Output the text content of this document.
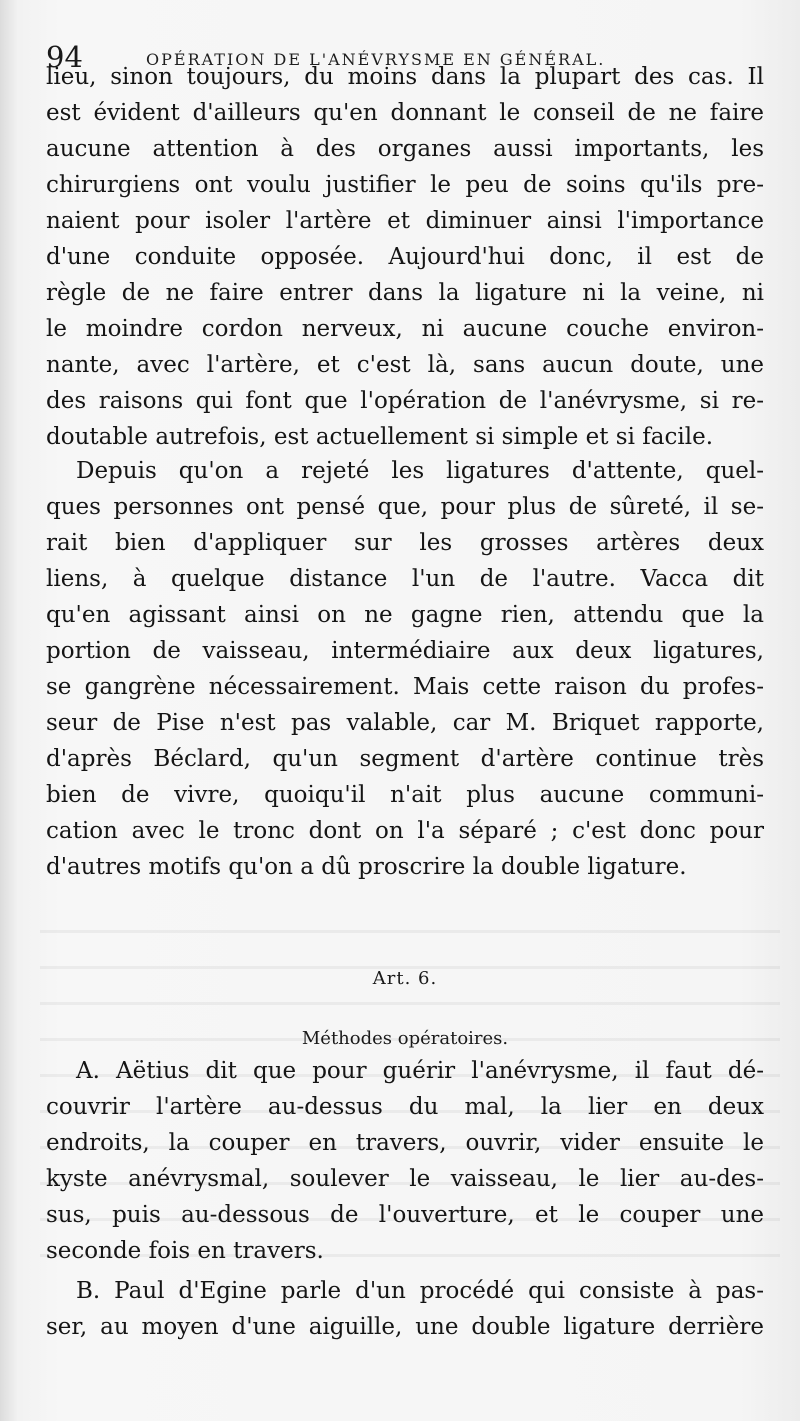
94	OPÉRATION DE L'ANÉVRYSME EN GÉNÉRAL.
lieu, sinon toujours, du moins dans la plupart des cas. Il
est évident d'ailleurs qu'en donnant le conseil de ne faire
aucune attention à des organes aussi importants, les
chirurgiens ont voulu justifier le peu de soins qu'ils pre-
naient pour isoler l'artère et diminuer ainsi l'importance
d'une conduite opposée. Aujourd'hui donc, il est de
règle de ne faire entrer dans la ligature ni la veine, ni
le moindre cordon nerveux, ni aucune couche environ-
nante, avec l'artère, et c'est là, sans aucun doute, une
des raisons qui font que l'opération de l'anévrysme, si re-
doutable autrefois, est actuellement si simple et si facile.
Depuis qu'on a rejeté les ligatures d'attente, quel-
ques personnes ont pensé que, pour plus de sûreté, il se-
rait bien d'appliquer sur les grosses artères deux
liens, à quelque distance l'un de l'autre. Vacca dit
qu'en agissant ainsi on ne gagne rien, attendu que la
portion de vaisseau, intermédiaire aux deux ligatures,
se gangrène nécessairement. Mais cette raison du profes-
seur de Pise n'est pas valable, car M. Briquet rapporte,
d'après Béclard, qu'un segment d'artère continue très
bien de vivre, quoiqu'il n'ait plus aucune communi-
cation avec le tronc dont on l'a séparé ; c'est donc pour
d'autres motifs qu'on a dû proscrire la double ligature.
Art. 6.
Méthodes opératoires.
A. Aëtius dit que pour guérir l'anévrysme, il faut dé-
couvrir l'artère au-dessus du mal, la lier en deux
endroits, la couper en travers, ouvrir, vider ensuite le
kyste anévrysmal, soulever le vaisseau, le lier au-des-
sus, puis au-dessous de l'ouverture, et le couper une
seconde fois en travers.
B. Paul d'Egine parle d'un procédé qui consiste à pas-
ser, au moyen d'une aiguille, une double ligature derrière
